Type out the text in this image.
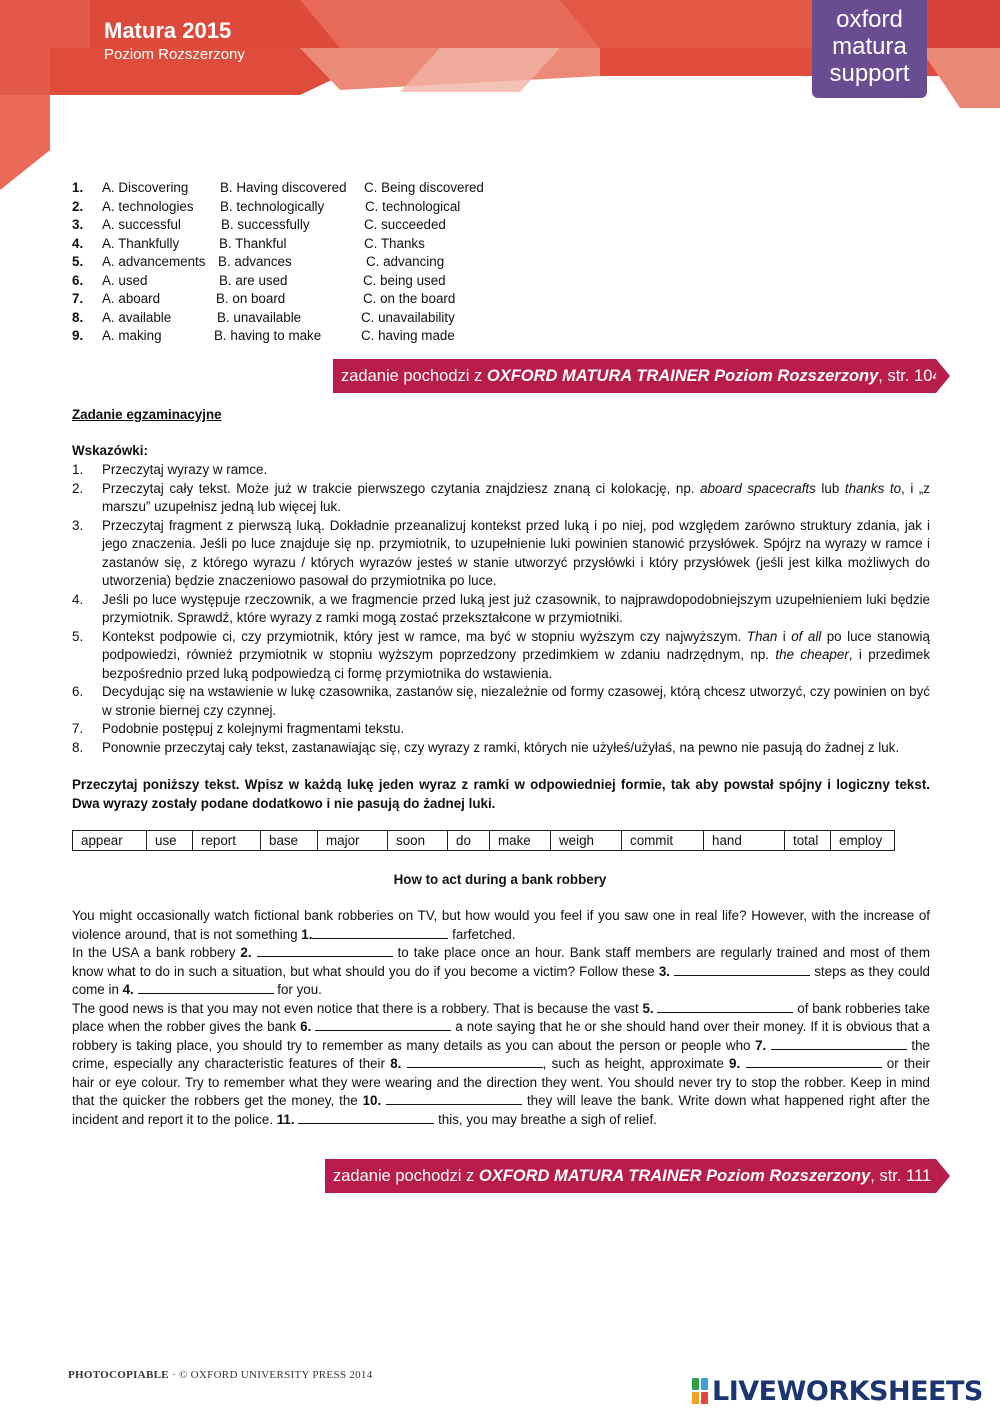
Matura 2015
Poziom Rozszerzony
oxford
matura
support
1. A. Discovering B. Having discovered C. Being discovered
2. A. technologies B. technologically	C. technological
3. A. successful	B. successfully	C. succeeded
4. A. Thankfully	B. Thankful	C. Thanks
5. A. advancements B. advances	C. advancing
6. A. used	B. are used	C. being used
7. A. aboard	B. on board	C. on the board
8. A. available	B. unavailable	C. unavailability
9. A. making	B. having to make	C. having made
zadanie pochodzi z OXFORD MATURA TRAINER Poziom Rozszerzony, str. 104
Zadanie egzaminacyjne
Wskazówki:
1. Przeczytaj wyrazy w ramce.
2. Przeczytaj cały tekst. Może już w trakcie pierwszego czytania znajdziesz znaną ci kolokację, np. aboard spacecrafts lub thanks to, i „z marszu” uzupełnisz jedną lub więcej luk.
3. Przeczytaj fragment z pierwszą luką. Dokładnie przeanalizuj kontekst przed luką i po niej, pod względem zarówno struktury zdania, jak i jego znaczenia. Jeśli po luce znajduje się np. przymiotnik, to uzupełnienie luki powinien stanowić przysłówek. Spójrz na wyrazy w ramce i zastanów się, z którego wyrazu / których wyrazów jesteś w stanie utworzyć przysłówki i który przysłówek (jeśli jest kilka możliwych do utworzenia) będzie znaczeniowo pasował do przymiotnika po luce.
4. Jeśli po luce występuje rzeczownik, a we fragmencie przed luką jest już czasownik, to najprawdopodobniejszym uzupełnieniem luki będzie przymiotnik. Sprawdź, które wyrazy z ramki mogą zostać przekształcone w przymiotniki.
5. Kontekst podpowie ci, czy przymiotnik, który jest w ramce, ma być w stopniu wyższym czy najwyższym. Than i of all po luce stanowią podpowiedzi, również przymiotnik w stopniu wyższym poprzedzony przedimkiem w zdaniu nadrzędnym, np. the cheaper, i przedimek bezpośrednio przed luką podpowiedzą ci formę przymiotnika do wstawienia.
6. Decydując się na wstawienie w lukę czasownika, zastanów się, niezależnie od formy czasowej, którą chcesz utworzyć, czy powinien on być w stronie biernej czy czynnej.
7. Podobnie postępuj z kolejnymi fragmentami tekstu.
8. Ponownie przeczytaj cały tekst, zastanawiając się, czy wyrazy z ramki, których nie użyłeś/użyłaś, na pewno nie pasują do żadnej z luk.
Przeczytaj poniższy tekst. Wpisz w każdą lukę jeden wyraz z ramki w odpowiedniej formie, tak aby powstał spójny i logiczny tekst. Dwa wyrazy zostały podane dodatkowo i nie pasują do żadnej luki.
appear	use	report	base	major	soon	do	make	weigh	commit	hand	total	employ
How to act during a bank robbery
You might occasionally watch fictional bank robberies on TV, but how would you feel if you saw one in real life? However, with the increase of violence around, that is not something 1.	farfetched.
In the USA a bank robbery 2.	to take place once an hour. Bank staff members are regularly trained and most of them know what to do in such a situation, but what should you do if you become a victim? Follow these 3.	steps as they could come in 4.	for you.
The good news is that you may not even notice that there is a robbery. That is because the vast 5.	of bank robberies take place when the robber gives the bank 6.	a note saying that he or she should hand over their money. If it is obvious that a robbery is taking place, you should try to remember as many details as you can about the person or people who 7.	the crime, especially any characteristic features of their 8.	, such as height, approximate 9.	or their hair or eye colour. Try to remember what they were wearing and the direction they went. You should never try to stop the robber. Keep in mind that the quicker the robbers get the money, the 10.	they will leave the bank. Write down what happened right after the incident and report it to the police. 11.	this, you may breathe a sigh of relief.
zadanie pochodzi z OXFORD MATURA TRAINER Poziom Rozszerzony, str. 111
PHOTOCOPIABLE · © OXFORD UNIVERSITY PRESS 2014
LIVEWORKSHEETS
